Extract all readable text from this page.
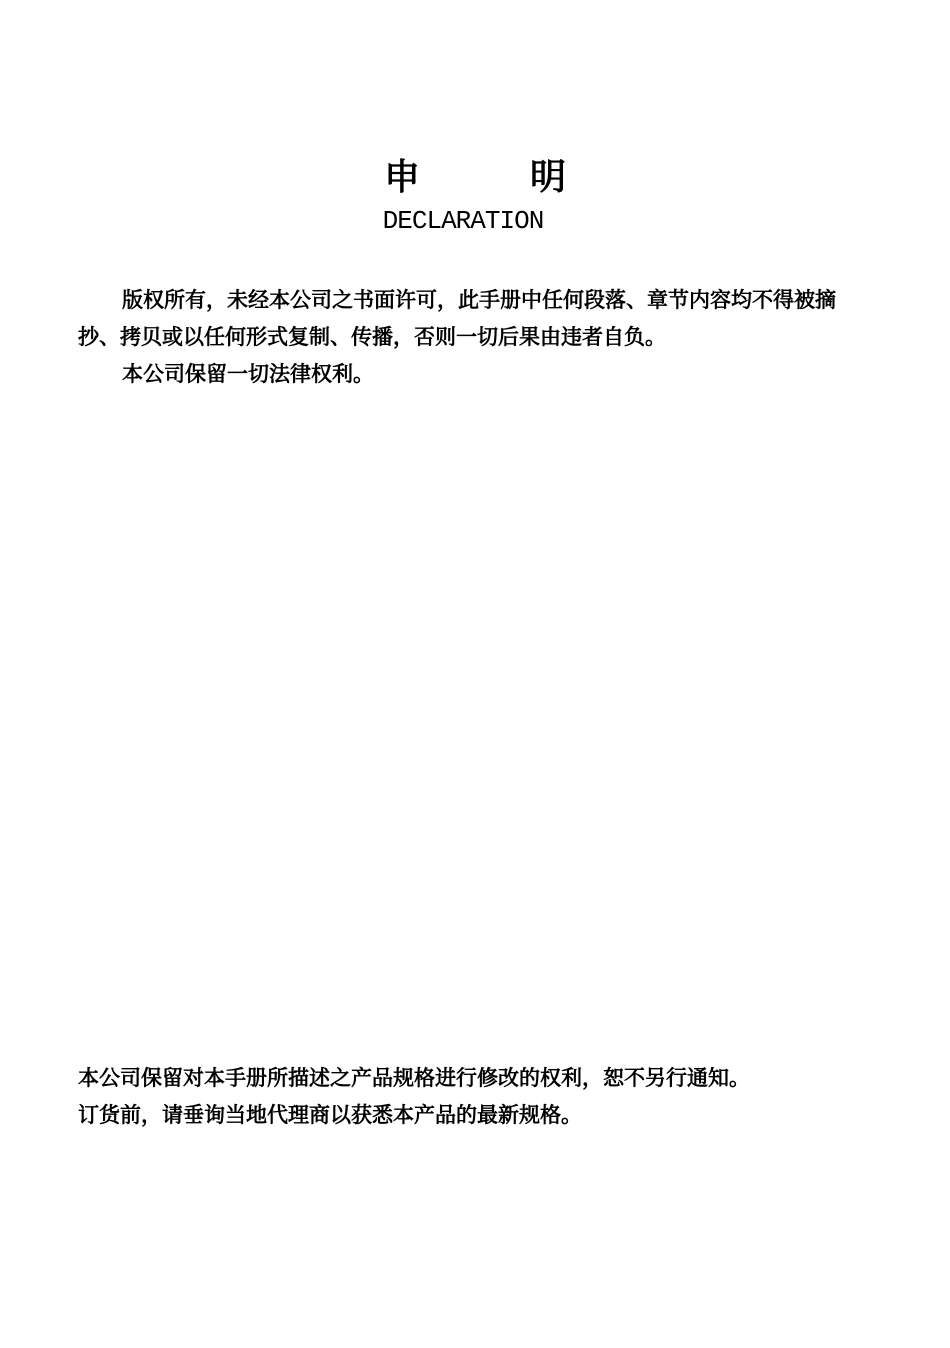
申	明
DECLARATION

版权所有，未经本公司之书面许可，此手册中任何段落、章节内容均不得被摘抄、拷贝或以任何形式复制、传播，否则一切后果由违者自负。

本公司保留一切法律权利。

本公司保留对本手册所描述之产品规格进行修改的权利，恕不另行通知。

订货前，请垂询当地代理商以获悉本产品的最新规格。
